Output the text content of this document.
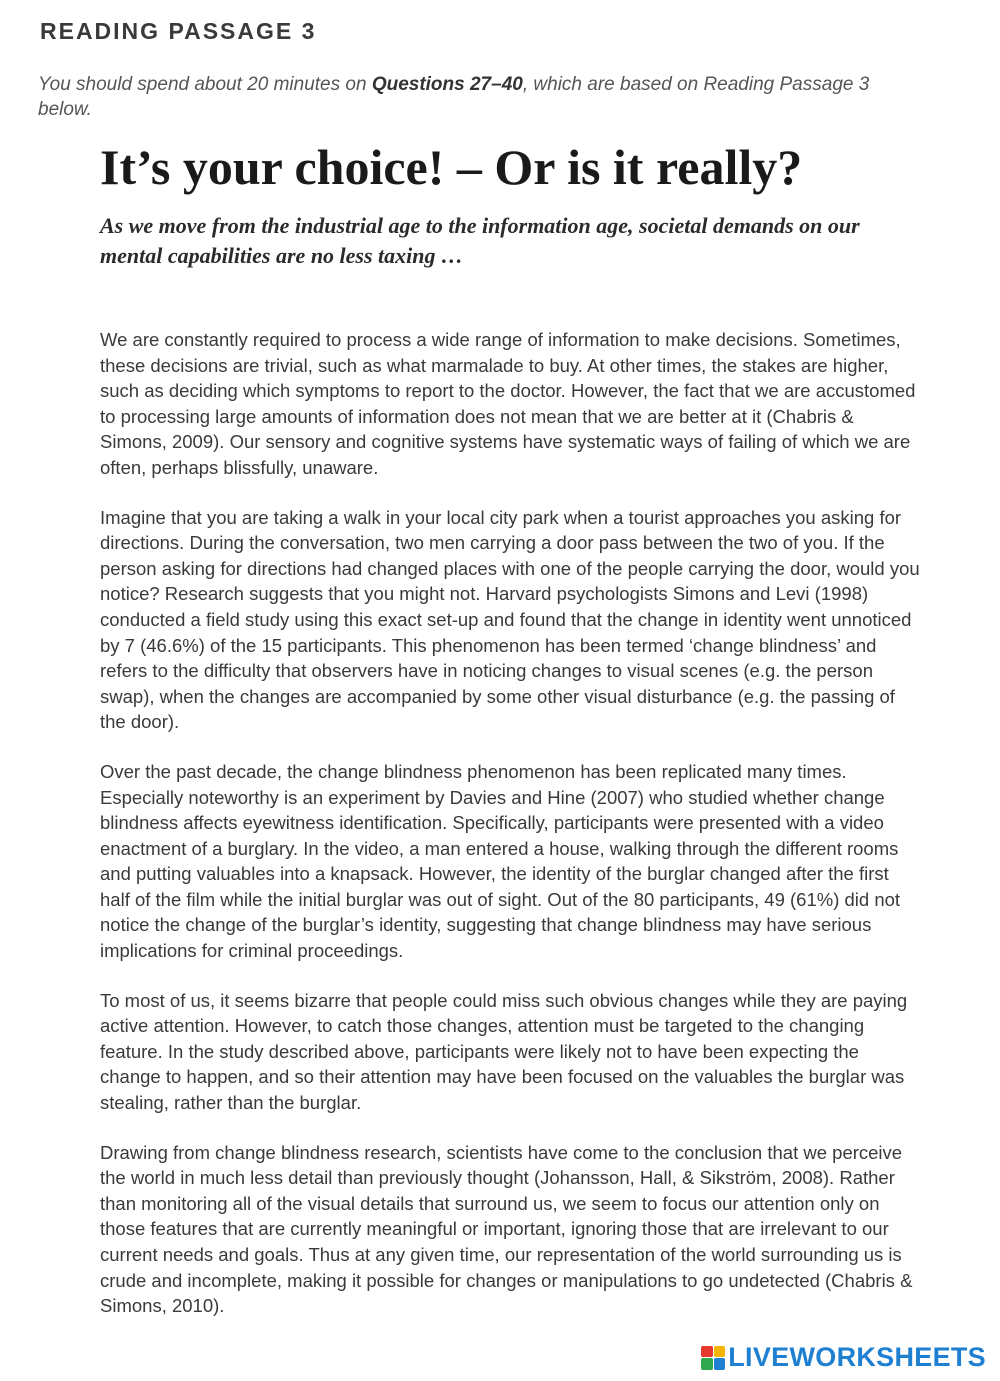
READING PASSAGE 3
You should spend about 20 minutes on Questions 27–40, which are based on Reading Passage 3 below.
It’s your choice! – Or is it really?
As we move from the industrial age to the information age, societal demands on our mental capabilities are no less taxing …

We are constantly required to process a wide range of information to make decisions. Sometimes, these decisions are trivial, such as what marmalade to buy. At other times, the stakes are higher, such as deciding which symptoms to report to the doctor. However, the fact that we are accustomed to processing large amounts of information does not mean that we are better at it (Chabris & Simons, 2009). Our sensory and cognitive systems have systematic ways of failing of which we are often, perhaps blissfully, unaware.

Imagine that you are taking a walk in your local city park when a tourist approaches you asking for directions. During the conversation, two men carrying a door pass between the two of you. If the person asking for directions had changed places with one of the people carrying the door, would you notice? Research suggests that you might not. Harvard psychologists Simons and Levi (1998) conducted a field study using this exact set-up and found that the change in identity went unnoticed by 7 (46.6%) of the 15 participants. This phenomenon has been termed ‘change blindness’ and refers to the difficulty that observers have in noticing changes to visual scenes (e.g. the person swap), when the changes are accompanied by some other visual disturbance (e.g. the passing of the door).

Over the past decade, the change blindness phenomenon has been replicated many times. Especially noteworthy is an experiment by Davies and Hine (2007) who studied whether change blindness affects eyewitness identification. Specifically, participants were presented with a video enactment of a burglary. In the video, a man entered a house, walking through the different rooms and putting valuables into a knapsack. However, the identity of the burglar changed after the first half of the film while the initial burglar was out of sight. Out of the 80 participants, 49 (61%) did not notice the change of the burglar’s identity, suggesting that change blindness may have serious implications for criminal proceedings.

To most of us, it seems bizarre that people could miss such obvious changes while they are paying active attention. However, to catch those changes, attention must be targeted to the changing feature. In the study described above, participants were likely not to have been expecting the change to happen, and so their attention may have been focused on the valuables the burglar was stealing, rather than the burglar.

Drawing from change blindness research, scientists have come to the conclusion that we perceive the world in much less detail than previously thought (Johansson, Hall, & Sikström, 2008). Rather than monitoring all of the visual details that surround us, we seem to focus our attention only on those features that are currently meaningful or important, ignoring those that are irrelevant to our current needs and goals. Thus at any given time, our representation of the world surrounding us is crude and incomplete, making it possible for changes or manipulations to go undetected (Chabris & Simons, 2010).

LIVEWORKSHEETS
